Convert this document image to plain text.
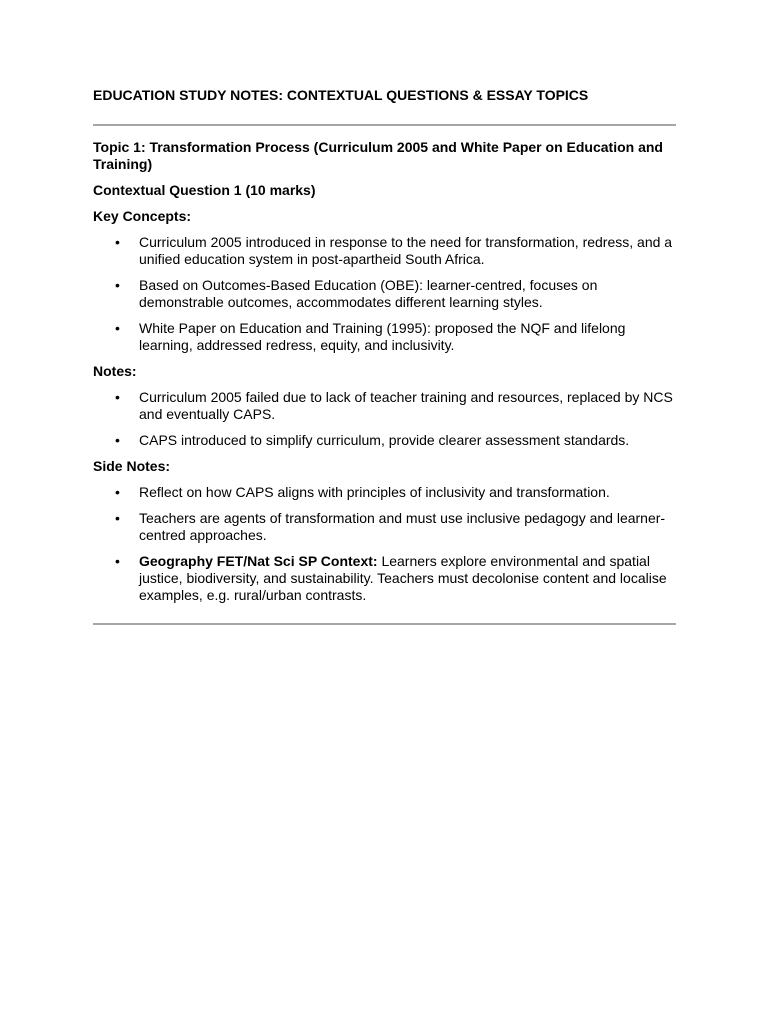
EDUCATION STUDY NOTES: CONTEXTUAL QUESTIONS & ESSAY TOPICS

Topic 1: Transformation Process (Curriculum 2005 and White Paper on Education and Training)

Contextual Question 1 (10 marks)

Key Concepts:

• Curriculum 2005 introduced in response to the need for transformation, redress, and a unified education system in post-apartheid South Africa.
• Based on Outcomes-Based Education (OBE): learner-centred, focuses on demonstrable outcomes, accommodates different learning styles.
• White Paper on Education and Training (1995): proposed the NQF and lifelong learning, addressed redress, equity, and inclusivity.

Notes:

• Curriculum 2005 failed due to lack of teacher training and resources, replaced by NCS and eventually CAPS.
• CAPS introduced to simplify curriculum, provide clearer assessment standards.

Side Notes:

• Reflect on how CAPS aligns with principles of inclusivity and transformation.
• Teachers are agents of transformation and must use inclusive pedagogy and learner-centred approaches.
• Geography FET/Nat Sci SP Context: Learners explore environmental and spatial justice, biodiversity, and sustainability. Teachers must decolonise content and localise examples, e.g. rural/urban contrasts.
